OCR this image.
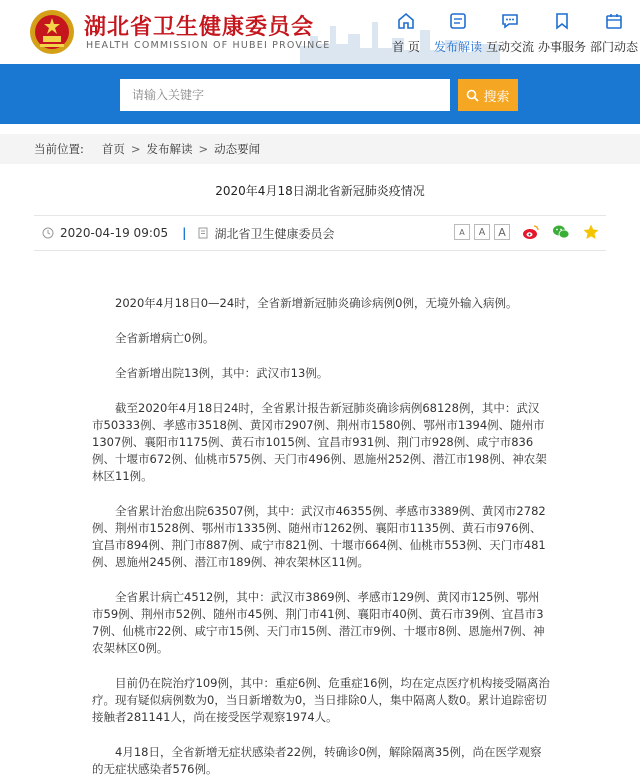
湖北省卫生健康委员会
HEALTH COMMISSION OF HUBEI PROVINCE	首 页 发布解读 互动交流 办事服务 部门动态
请输入关键字
搜索
当前位置: 首页 > 发布解读 > 动态要闻
2020年4月18日湖北省新冠肺炎疫情况
2020-04-19 09:05 | 湖北省卫生健康委员会	A	A	A

2020年4月18日0—24时，全省新增新冠肺炎确诊病例0例，无境外输入病例。

全省新增病亡0例。

全省新增出院13例，其中：武汉市13例。

截至2020年4月18日24时，全省累计报告新冠肺炎确诊病例68128例，其中：武汉市50333例、孝感市3518例、黄冈市2907例、荆州市1580例、鄂州市1394例、随州市1307例、襄阳市1175例、黄石市1015例、宜昌市931例、荆门市928例、咸宁市836例、十堰市672例、仙桃市575例、天门市496例、恩施州252例、潜江市198例、神农架林区11例。

全省累计治愈出院63507例，其中：武汉市46355例、孝感市3389例、黄冈市2782例、荆州市1528例、鄂州市1335例、随州市1262例、襄阳市1135例、黄石市976例、宜昌市894例、荆门市887例、咸宁市821例、十堰市664例、仙桃市553例、天门市481例、恩施州245例、潜江市189例、神农架林区11例。

全省累计病亡4512例，其中：武汉市3869例、孝感市129例、黄冈市125例、鄂州市59例、荆州市52例、随州市45例、荆门市41例、襄阳市40例、黄石市39例、宜昌市37例、仙桃市22例、咸宁市15例、天门市15例、潜江市9例、十堰市8例、恩施州7例、神农架林区0例。

目前仍在院治疗109例，其中：重症6例、危重症16例，均在定点医疗机构接受隔离治疗。现有疑似病例数为0，当日新增数为0，当日排除0人，集中隔离人数0。累计追踪密切接触者281141人，尚在接受医学观察1974人。

4月18日，全省新增无症状感染者22例，转确诊0例，解除隔离35例，尚在医学观察的无症状感染者576例。
